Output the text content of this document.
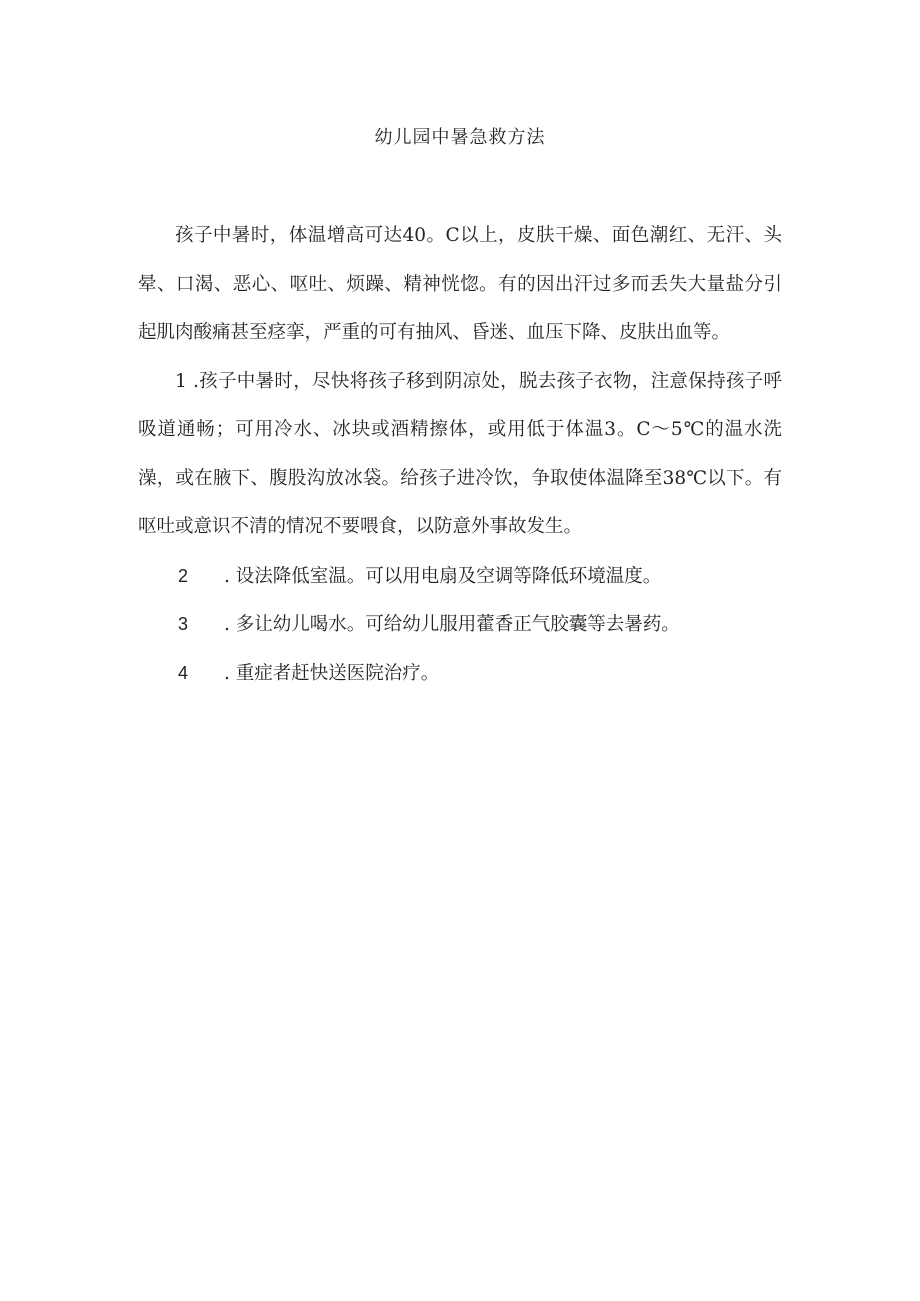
幼儿园中暑急救方法

孩子中暑时，体温增高可达40。C以上，皮肤干燥、面色潮红、无汗、头晕、口渴、恶心、呕吐、烦躁、精神恍惚。有的因出汗过多而丢失大量盐分引起肌肉酸痛甚至痉挛，严重的可有抽风、昏迷、血压下降、皮肤出血等。

1 .孩子中暑时，尽快将孩子移到阴凉处，脱去孩子衣物，注意保持孩子呼吸道通畅；可用冷水、冰块或酒精擦体，或用低于体温3。C～5℃的温水洗澡，或在腋下、腹股沟放冰袋。给孩子进冷饮，争取使体温降至38℃以下。有呕吐或意识不清的情况不要喂食，以防意外事故发生。

2 . 设法降低室温。可以用电扇及空调等降低环境温度。
3 . 多让幼儿喝水。可给幼儿服用藿香正气胶囊等去暑药。
4 . 重症者赶快送医院治疗。
